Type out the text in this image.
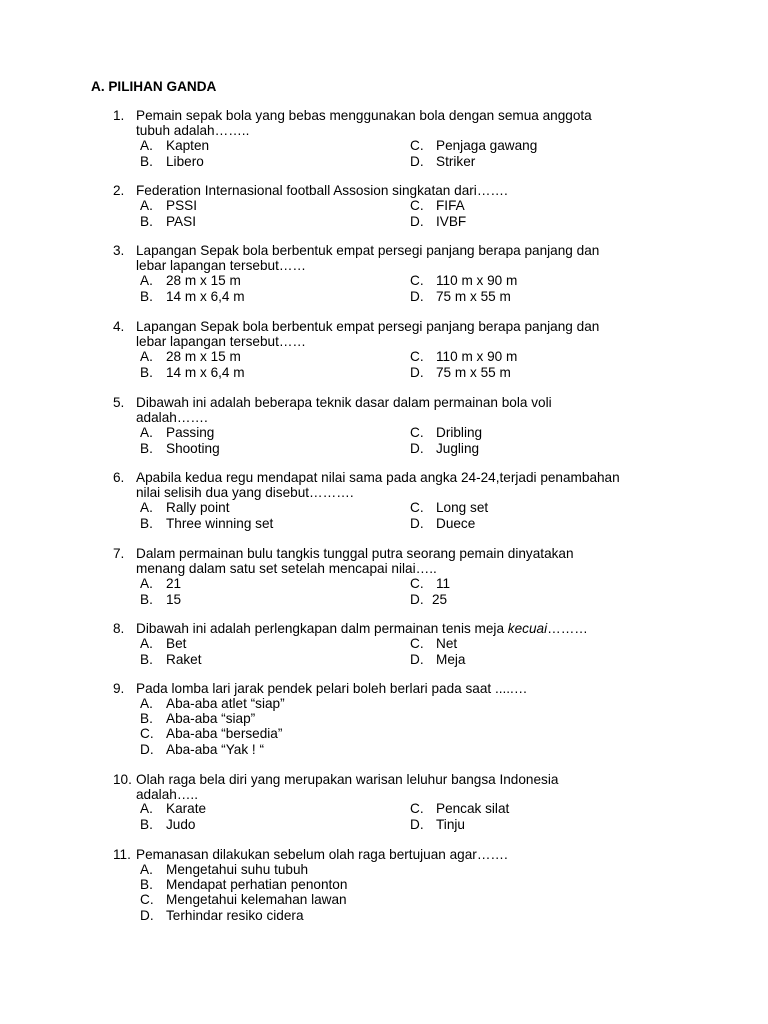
A. PILIHAN GANDA
1. Pemain sepak bola yang bebas menggunakan bola dengan semua anggota
tubuh adalah……..
A. Kapten
B. Libero
C. Penjaga gawang
D. Striker
2. Federation Internasional football Assosion singkatan dari…….
A. PSSI
B. PASI
C. FIFA
D. IVBF
3. Lapangan Sepak bola berbentuk empat persegi panjang berapa panjang dan
lebar lapangan tersebut……
A. 28 m x 15 m
B. 14 m x 6,4 m
C. 110 m x 90 m
D. 75 m x 55 m
4. Lapangan Sepak bola berbentuk empat persegi panjang berapa panjang dan
lebar lapangan tersebut……
A. 28 m x 15 m
B. 14 m x 6,4 m
C. 110 m x 90 m
D. 75 m x 55 m
5. Dibawah ini adalah beberapa teknik dasar dalam permainan bola voli
adalah…….
A. Passing
B. Shooting
C. Dribling
D. Jugling
6. Apabila kedua regu mendapat nilai sama pada angka 24-24,terjadi penambahan
nilai selisih dua yang disebut……….
A. Rally point
B. Three winning set
C. Long set
D. Duece
7. Dalam permainan bulu tangkis tunggal putra seorang pemain dinyatakan
menang dalam satu set setelah mencapai nilai…..
A. 21
B. 15
C. 11
D. 25
8. Dibawah ini adalah perlengkapan dalm permainan tenis meja kecuai………
A. Bet
B. Raket
C. Net
D. Meja
9. Pada lomba lari jarak pendek pelari boleh berlari pada saat .....…
A. Aba-aba atlet “siap”
B. Aba-aba “siap”
C. Aba-aba “bersedia”
D. Aba-aba “Yak ! “
10. Olah raga bela diri yang merupakan warisan leluhur bangsa Indonesia
adalah…..
A. Karate
B. Judo
C. Pencak silat
D. Tinju
11. Pemanasan dilakukan sebelum olah raga bertujuan agar…….
A. Mengetahui suhu tubuh
B. Mendapat perhatian penonton
C. Mengetahui kelemahan lawan
D. Terhindar resiko cidera
